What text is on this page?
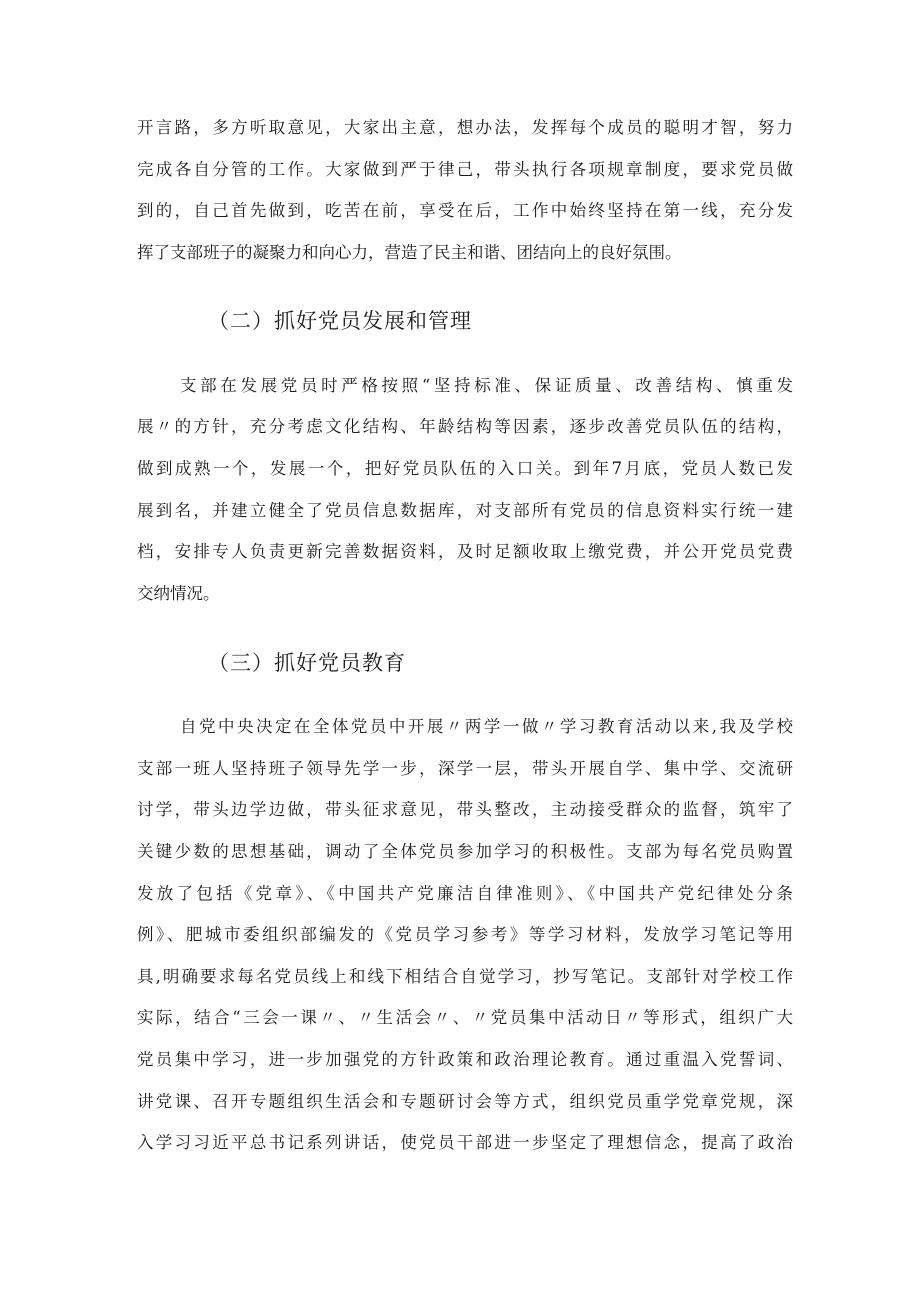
开言路，多方听取意见，大家出主意，想办法，发挥每个成员的聪明才智，努力
完成各自分管的工作。大家做到严于律己，带头执行各项规章制度，要求党员做
到的，自己首先做到，吃苦在前，享受在后，工作中始终坚持在第一线，充分发
挥了支部班子的凝聚力和向心力，营造了民主和谐、团结向上的良好氛围。
（二）抓好党员发展和管理
支部在发展党员时严格按照“坚持标准、保证质量、改善结构、慎重发
展〃的方针，充分考虑文化结构、年龄结构等因素，逐步改善党员队伍的结构，
做到成熟一个，发展一个，把好党员队伍的入口关。到年7月底，党员人数已发
展到名，并建立健全了党员信息数据库，对支部所有党员的信息资料实行统一建
档，安排专人负责更新完善数据资料，及时足额收取上缴党费，并公开党员党费
交纳情况。
（三）抓好党员教育
自党中央决定在全体党员中开展〃两学一做〃学习教育活动以来,我及学校
支部一班人坚持班子领导先学一步，深学一层，带头开展自学、集中学、交流研
讨学，带头边学边做，带头征求意见，带头整改，主动接受群众的监督，筑牢了
关键少数的思想基础，调动了全体党员参加学习的积极性。支部为每名党员购置
发放了包括《党章》、《中国共产党廉洁自律准则》、《中国共产党纪律处分条
例》、肥城市委组织部编发的《党员学习参考》等学习材料，发放学习笔记等用
具,明确要求每名党员线上和线下相结合自觉学习，抄写笔记。支部针对学校工作
实际，结合“三会一课〃、〃生活会〃、〃党员集中活动日〃等形式，组织广大
党员集中学习，进一步加强党的方针政策和政治理论教育。通过重温入党誓词、
讲党课、召开专题组织生活会和专题研讨会等方式，组织党员重学党章党规，深
入学习习近平总书记系列讲话，使党员干部进一步坚定了理想信念，提高了政治
